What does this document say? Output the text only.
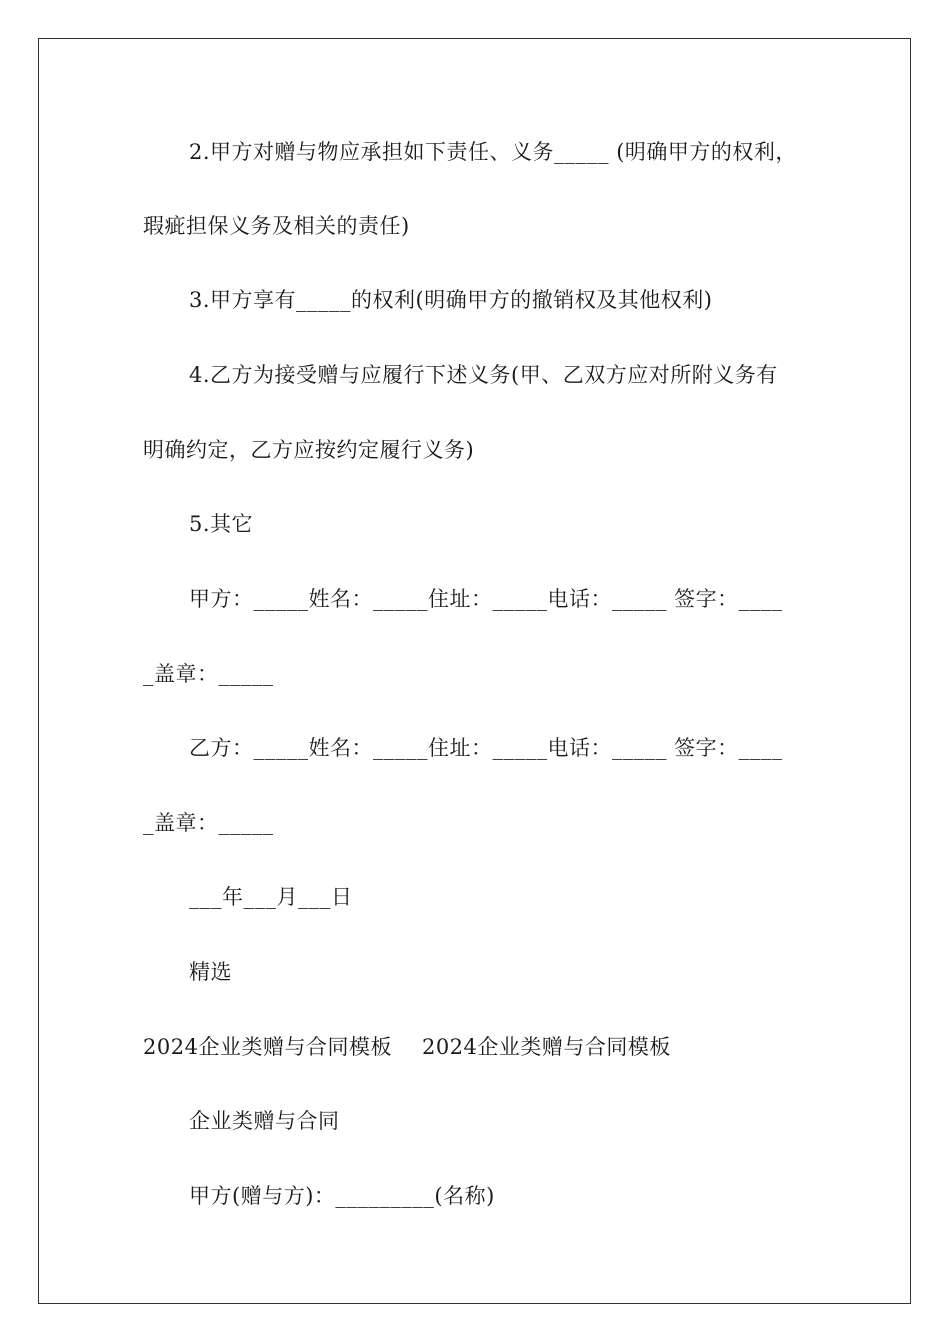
2.甲方对赠与物应承担如下责任、义务_____ (明确甲方的权利，
瑕疵担保义务及相关的责任)
3.甲方享有_____的权利(明确甲方的撤销权及其他权利)
4.乙方为接受赠与应履行下述义务(甲、乙双方应对所附义务有
明确约定，乙方应按约定履行义务)
5.其它
甲方：_____姓名：_____住址：_____电话：_____ 签字：____
_盖章：_____
乙方：_____姓名：_____住址：_____电话：_____ 签字：____
_盖章：_____
___年___月___日
精选
2024企业类赠与合同模板 2024企业类赠与合同模板
企业类赠与合同
甲方(赠与方)：_________(名称)
